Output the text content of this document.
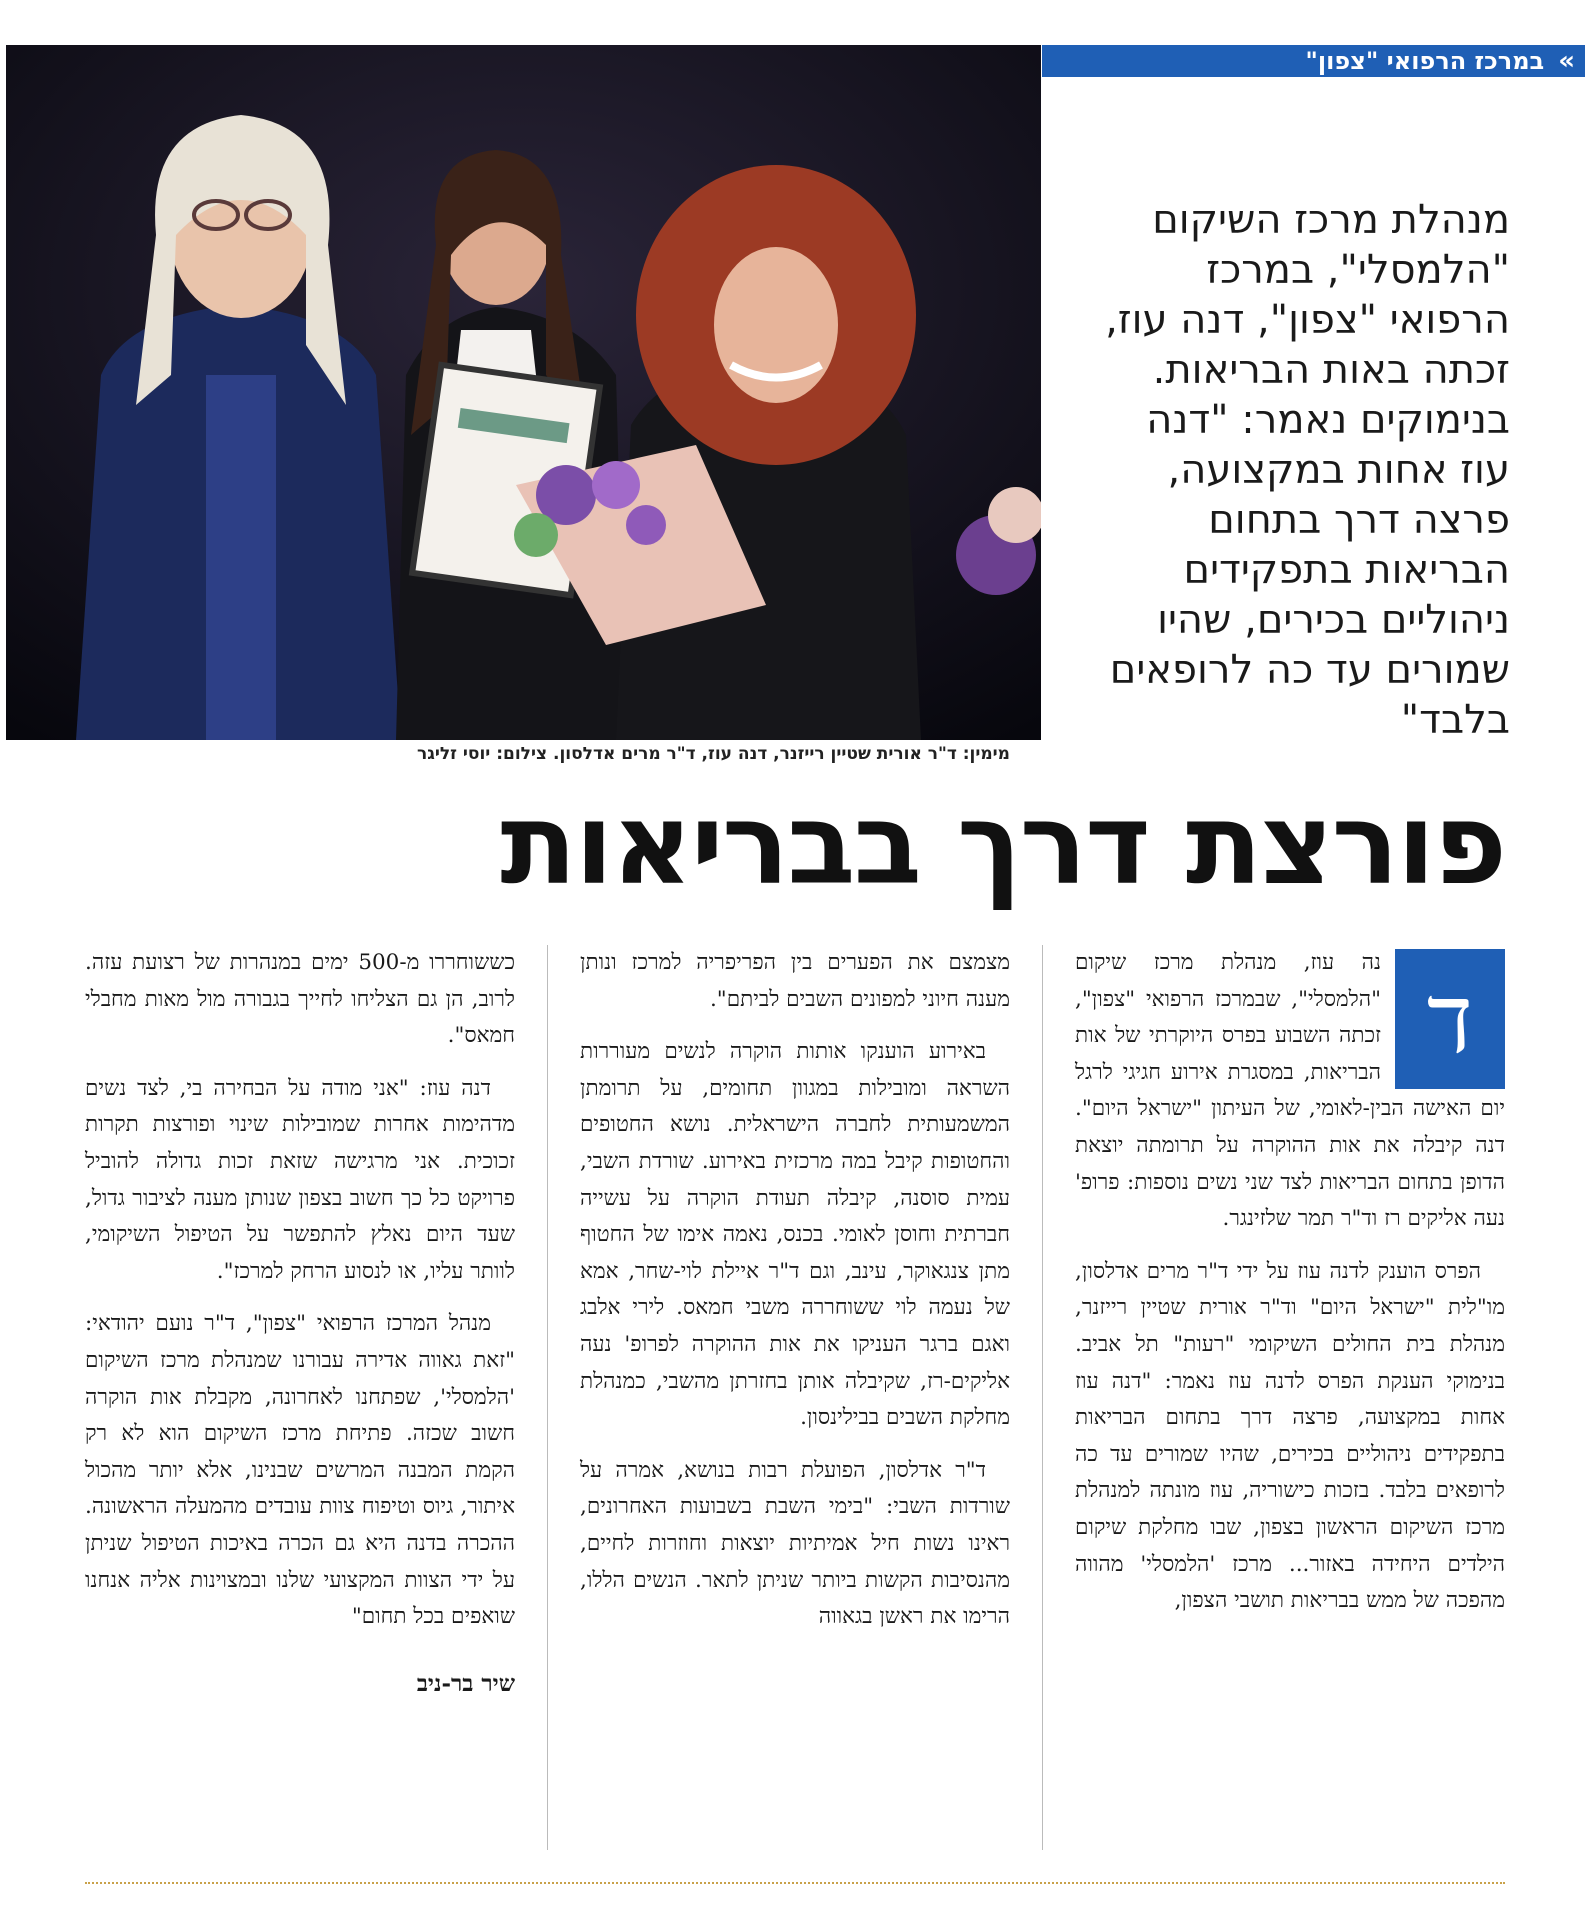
»
במרכז הרפואי "צפון"
מנהלת מרכז השיקום "הלמסלי", במרכז הרפואי "צפון", דנה עוז, זכתה באות הבריאות. בנימוקים נאמר: "דנה עוז אחות במקצועה, פרצה דרך בתחום הבריאות בתפקידים ניהוליים בכירים, שהיו שמורים עד כה לרופאים בלבד"
מימין: ד"ר אורית שטיין רייזנר, דנה עוז, ד"ר מרים אדלסון. צילום: יוסי זליגר
פורצת דרך בבריאות

ד
נה עוז, מנהלת מרכז שיקום "הלמסלי", שבמרכז הרפואי "צפון", זכתה השבוע בפרס היוקרתי של אות הבריאות, במסגרת אירוע חגיגי לרגל יום האישה הבין-לאומי, של העיתון "ישראל היום". דנה קיבלה את אות ההוקרה על תרומתה יוצאת הדופן בתחום הבריאות לצד שני נשים נוספות: פרופ' נעה אליקים רז וד"ר תמר שלזינגר.

הפרס הוענק לדנה עוז על ידי ד"ר מרים אדלסון, מו"לית "ישראל היום" וד"ר אורית שטיין רייזנר, מנהלת בית החולים השיקומי "רעות" תל אביב. בנימוקי הענקת הפרס לדנה עוז נאמר: "דנה עוז אחות במקצועה, פרצה דרך בתחום הבריאות בתפקידים ניהוליים בכירים, שהיו שמורים עד כה לרופאים בלבד. בזכות כישוריה, עוז מונתה למנהלת מרכז השיקום הראשון בצפון, שבו מחלקת שיקום הילדים היחידה באזור... מרכז 'הלמסלי' מהווה מהפכה של ממש בבריאות תושבי הצפון,

מצמצם את הפערים בין הפריפריה למרכז ונותן מענה חיוני למפונים השבים לביתם".

באירוע הוענקו אותות הוקרה לנשים מעוררות השראה ומובילות במגוון תחומים, על תרומתן המשמעותית לחברה הישראלית. נושא החטופים והחטופות קיבל במה מרכזית באירוע. שורדת השבי, עמית סוסנה, קיבלה תעודת הוקרה על עשייה חברתית וחוסן לאומי. בכנס, נאמה אימו של החטוף מתן צנגאוקר, עינב, וגם ד"ר איילת לוי-שחר, אמא של נעמה לוי ששוחררה משבי חמאס. לירי אלבג ואגם ברגר העניקו את אות ההוקרה לפרופ' נעה אליקים-רז, שקיבלה אותן בחזרתן מהשבי, כמנהלת מחלקת השבים בבילינסון.

ד"ר אדלסון, הפועלת רבות בנושא, אמרה על שורדות השבי: "בימי השבת בשבועות האחרונים, ראינו נשות חיל אמיתיות יוצאות וחוזרות לחיים, מהנסיבות הקשות ביותר שניתן לתאר. הנשים הללו, הרימו את ראשן בגאווה

כששוחררו מ-500 ימים במנהרות של רצועת עזה. לרוב, הן גם הצליחו לחייך בגבורה מול מאות מחבלי חמאס".

דנה עוז: "אני מודה על הבחירה בי, לצד נשים מדהימות אחרות שמובילות שינוי ופורצות תקרות זכוכית. אני מרגישה שזאת זכות גדולה להוביל פרויקט כל כך חשוב בצפון שנותן מענה לציבור גדול, שעד היום נאלץ להתפשר על הטיפול השיקומי, לוותר עליו, או לנסוע הרחק למרכז".

מנהל המרכז הרפואי "צפון", ד"ר נועם יהודאי: "זאת גאווה אדירה עבורנו שמנהלת מרכז השיקום 'הלמסלי', שפתחנו לאחרונה, מקבלת אות הוקרה חשוב שכזה. פתיחת מרכז השיקום הוא לא רק הקמת המבנה המרשים שבנינו, אלא יותר מהכול איתור, גיוס וטיפוח צוות עובדים מהמעלה הראשונה. ההכרה בדנה היא גם הכרה באיכות הטיפול שניתן על ידי הצוות המקצועי שלנו ובמצוינות אליה אנחנו שואפים בכל תחום"

שיר בר-ניב
